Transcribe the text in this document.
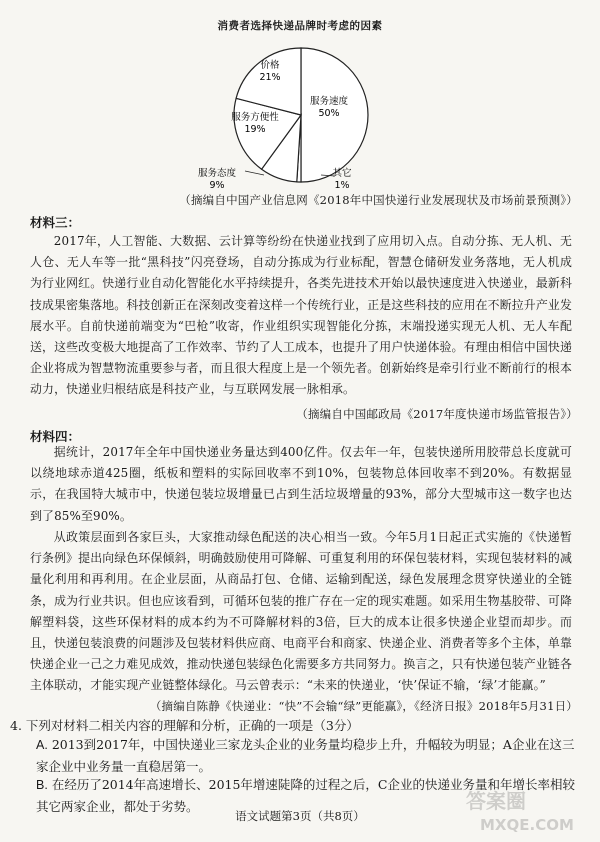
消费者选择快递品牌时考虑的因素
服务速度
50%
其它
1%
服务态度
9%
服务方便性
19%
价格
21%
（摘编自中国产业信息网《2018年中国快递行业发展现状及市场前景预测》）
材料三：

2017年，人工智能、大数据、云计算等纷纷在快递业找到了应用切入点。自动分拣、无人机、无人仓、无人车等一批“黑科技”闪亮登场，自动分拣成为行业标配，智慧仓储研发业务落地，无人机成为行业网红。快递行业自动化智能化水平持续提升，各类先进技术开始以最快速度进入快递业，最新科技成果密集落地。科技创新正在深刻改变着这样一个传统行业，正是这些科技的应用在不断拉升产业发展水平。自前快递前端变为“巴枪”收寄，作业组织实现智能化分拣，末端投递实现无人机、无人车配送，这些改变极大地提高了工作效率、节约了人工成本，也提升了用户快递体验。有理由相信中国快递企业将成为智慧物流重要参与者，而且很大程度上是一个领先者。创新始终是牵引行业不断前行的根本动力，快递业归根结底是科技产业，与互联网发展一脉相承。

（摘编自中国邮政局《2017年度快递市场监管报告》）
材料四：

据统计，2017年全年中国快递业务量达到400亿件。仅去年一年，包装快递所用胶带总长度就可以绕地球赤道425圈，纸板和塑料的实际回收率不到10%，包装物总体回收率不到20%。有数据显示，在我国特大城市中，快递包装垃圾增量已占到生活垃圾增量的93%，部分大型城市这一数字也达到了85%至90%。

从政策层面到各家巨头，大家推动绿色配送的决心相当一致。今年5月1日起正式实施的《快递暂行条例》提出向绿色环保倾斜，明确鼓励使用可降解、可重复利用的环保包装材料，实现包装材料的减量化利用和再利用。在企业层面，从商品打包、仓储、运输到配送，绿色发展理念贯穿快递业的全链条，成为行业共识。但也应该看到，可循环包装的推广存在一定的现实难题。如采用生物基胶带、可降解塑料袋，这些环保材料的成本约为不可降解材料的3倍，巨大的成本让很多快递企业望而却步。而且，快递包装浪费的问题涉及包装材料供应商、电商平台和商家、快递企业、消费者等多个主体，单靠快递企业一己之力难见成效，推动快递包装绿色化需要多方共同努力。换言之，只有快递包装产业链各主体联动，才能实现产业链整体绿化。马云曾表示：“未来的快递业，‘快’保证不输，‘绿’才能赢。”

（摘编自陈静《快递业：“快”不会输“绿”更能赢》，《经济日报》2018年5月31日）
4. 下列对材料二相关内容的理解和分析，正确的一项是（3分）
A. 2013到2017年，中国快递业三家龙头企业的业务量均稳步上升，升幅较为明显；A企业在这三家企业中业务量一直稳居第一。
B. 在经历了2014年高速增长、2015年增速陡降的过程之后，C企业的快递业务量和年增长率相较其它两家企业，都处于劣势。
语文试题第3页（共8页）
答案圈
MXQE.COM
